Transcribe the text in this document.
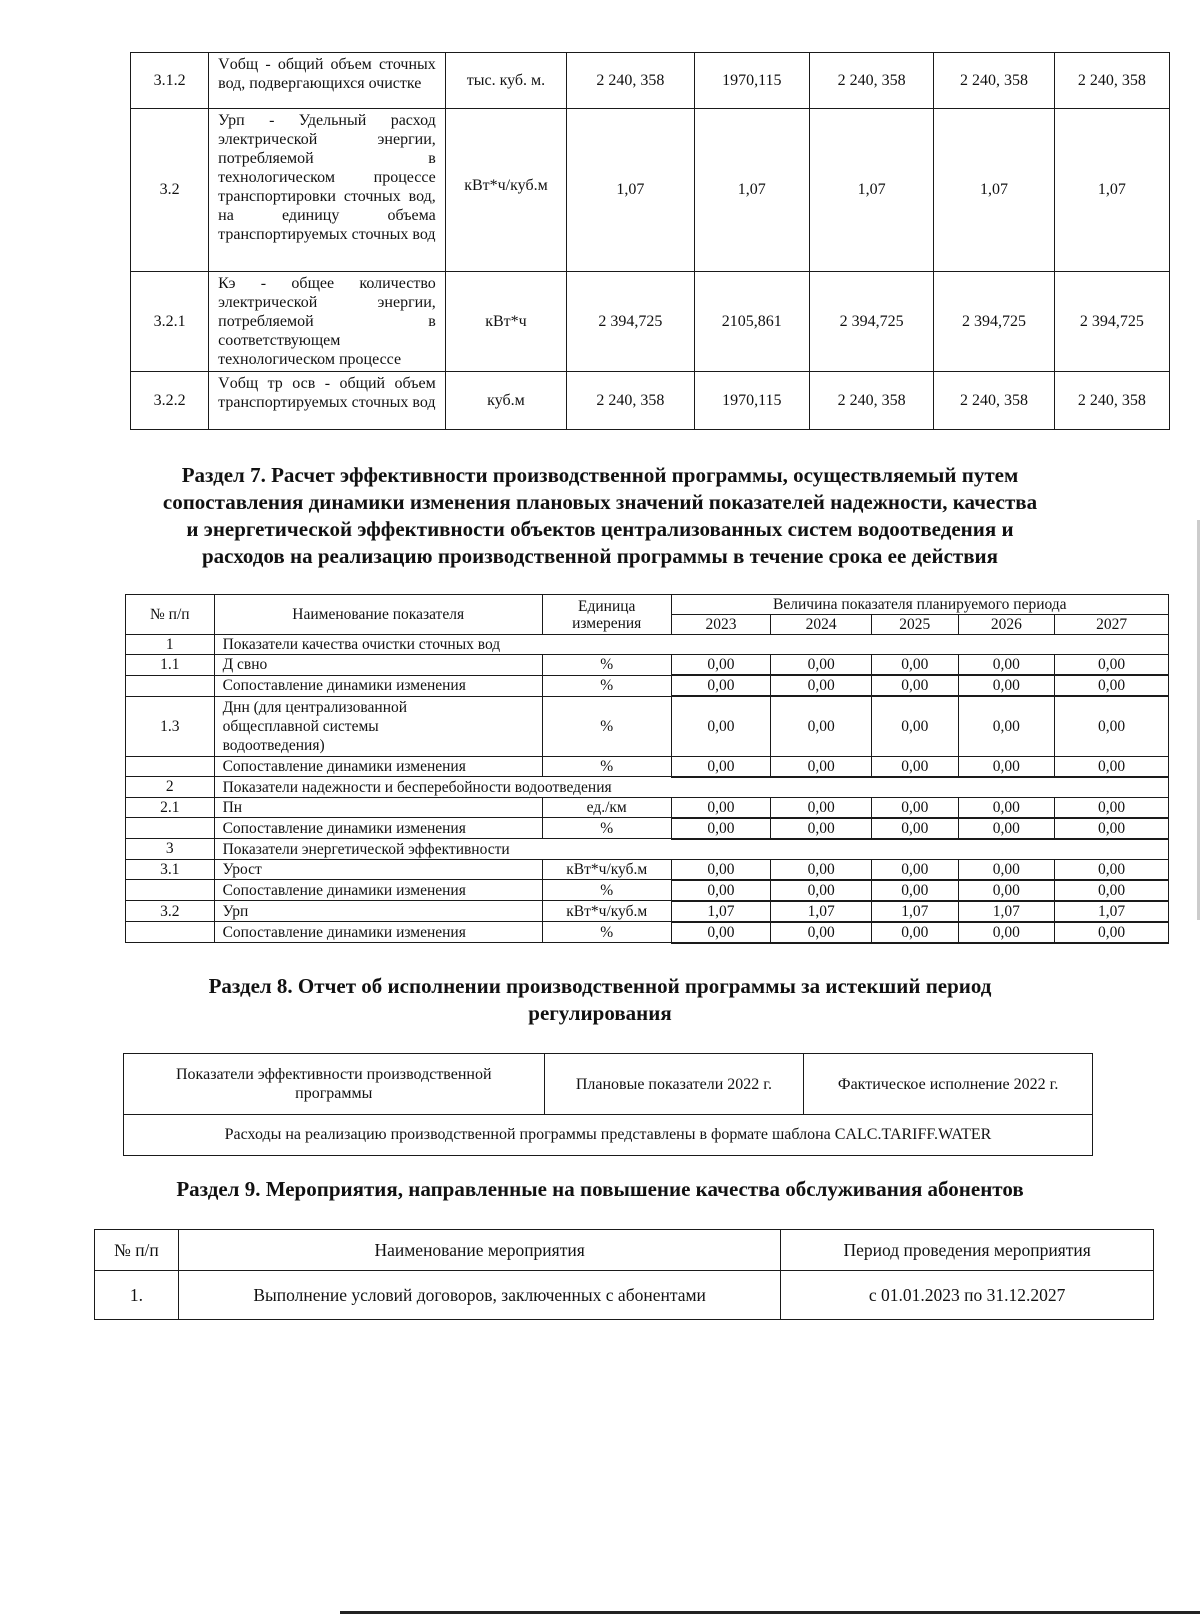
3.1.2	Vобщ - общий объем сточных вод, подвергающихся очистке	тыс. куб. м.	2 240, 358	1970,115	2 240, 358	2 240, 358	2 240, 358
3.2	Урп - Удельный расход электрической энергии, потребляемой в технологическом процессе транспортировки сточных вод, на единицу объема транспортируемых сточных вод	кВт*ч/куб.м	1,07	1,07	1,07	1,07	1,07
3.2.1	Кэ - общее количество электрической энергии, потребляемой в соответствующем технологическом процессе	кВт*ч	2 394,725	2105,861	2 394,725	2 394,725	2 394,725
3.2.2	Vобщ тр осв - общий объем транспортируемых сточных вод	куб.м	2 240, 358	1970,115	2 240, 358	2 240, 358	2 240, 358
Раздел 7. Расчет эффективности производственной программы, осуществляемый путем
сопоставления динамики изменения плановых значений показателей надежности, качества
и энергетической эффективности объектов централизованных систем водоотведения и
расходов на реализацию производственной программы в течение срока ее действия
№ п/п	Наименование показателя	Единица измерения	Величина показателя планируемого периода				
			2023	2024	2025	2026	2027
1	Показатели качества очистки сточных вод						
1.1	Д свно	%	0,00	0,00	0,00	0,00	0,00
	Сопоставление динамики изменения	%	0,00	0,00	0,00	0,00	0,00
1.3	Днн (для централизованной общесплавной системы водоотведения)	%	0,00	0,00	0,00	0,00	0,00
	Сопоставление динамики изменения	%	0,00	0,00	0,00	0,00	0,00
2	Показатели надежности и бесперебойности водоотведения						
2.1	Пн	ед./км	0,00	0,00	0,00	0,00	0,00
	Сопоставление динамики изменения	%	0,00	0,00	0,00	0,00	0,00
3	Показатели энергетической эффективности						
3.1	Урост	кВт*ч/куб.м	0,00	0,00	0,00	0,00	0,00
	Сопоставление динамики изменения	%	0,00	0,00	0,00	0,00	0,00
3.2	Урп	кВт*ч/куб.м	1,07	1,07	1,07	1,07	1,07
	Сопоставление динамики изменения	%	0,00	0,00	0,00	0,00	0,00
Раздел 8. Отчет об исполнении производственной программы за истекший период
регулирования
Показатели эффективности производственной программы	Плановые показатели 2022 г.	Фактическое исполнение 2022 г.
Расходы на реализацию производственной программы представлены в формате шаблона CALC.TARIFF.WATER
Раздел 9. Мероприятия, направленные на повышение качества обслуживания абонентов
№ п/п	Наименование мероприятия	Период проведения мероприятия
1.	Выполнение условий договоров, заключенных с абонентами	с 01.01.2023 по 31.12.2027
